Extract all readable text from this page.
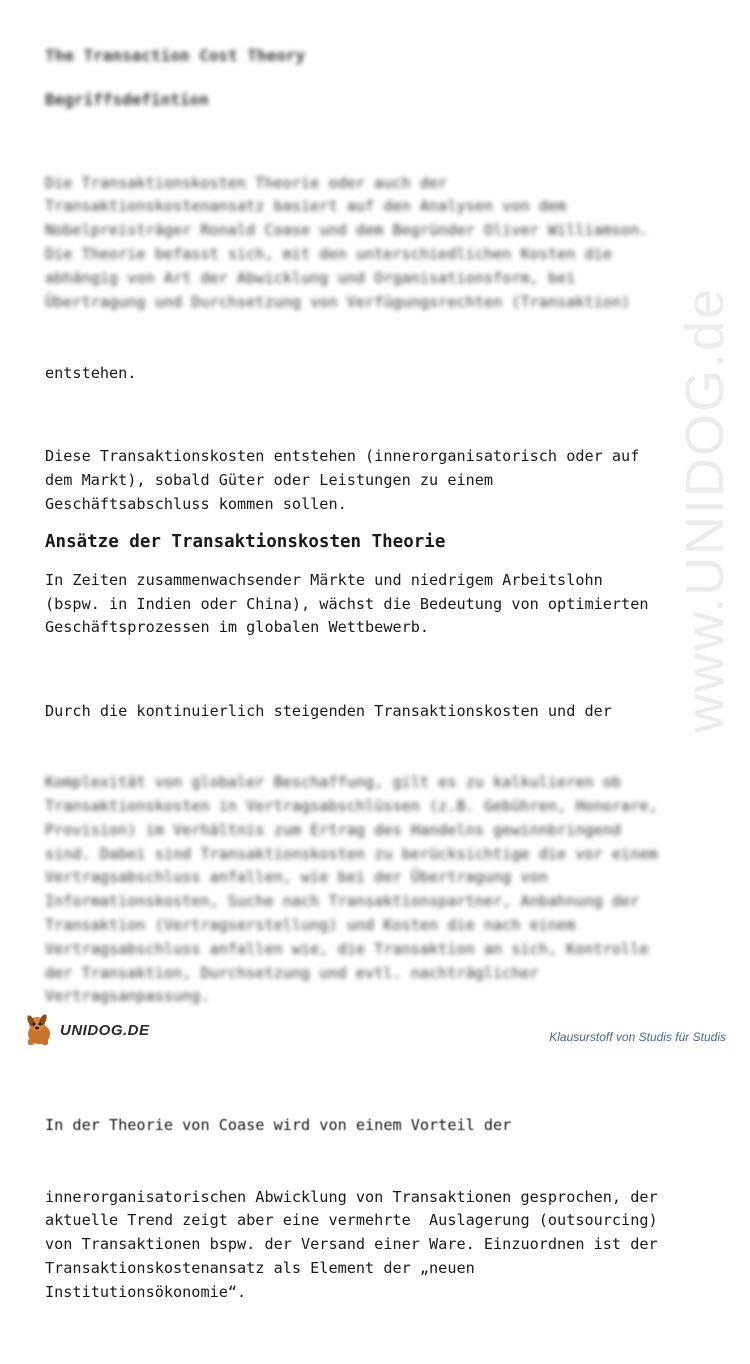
www.UNIDOG.de
The Transaction Cost Theory
Begriffsdefintion

Die Transaktionskosten Theorie oder auch der
Transaktionskostenansatz basiert auf den Analysen von dem
Nobelpreisträger Ronald Coase und dem Begründer Oliver Williamson.
Die Theorie befasst sich, mit den unterschiedlichen Kosten die
abhängig von Art der Abwicklung und Organisationsform, bei
Übertragung und Durchsetzung von Verfügungsrechten (Transaktion)

entstehen.

Diese Transaktionskosten entstehen (innerorganisatorisch oder auf
dem Markt), sobald Güter oder Leistungen zu einem
Geschäftsabschluss kommen sollen.
Ansätze der Transaktionskosten Theorie
In Zeiten zusammenwachsender Märkte und niedrigem Arbeitslohn
(bspw. in Indien oder China), wächst die Bedeutung von optimierten
Geschäftsprozessen im globalen Wettbewerb.

Durch die kontinuierlich steigenden Transaktionskosten und der

Komplexität von globaler Beschaffung, gilt es zu kalkulieren ob
Transaktionskosten in Vertragsabschlüssen (z.B. Gebühren, Honorare,
Provision) im Verhältnis zum Ertrag des Handelns gewinnbringend
sind. Dabei sind Transaktionskosten zu berücksichtige die vor einem
Vertragsabschluss anfallen, wie bei der Übertragung von
Informationskosten, Suche nach Transaktionspartner, Anbahnung der
Transaktion (Vertragserstellung) und Kosten die nach einem
Vertragsabschluss anfallen wie, die Transaktion an sich, Kontrolle
der Transaktion, Durchsetzung und evtl. nachträglicher
Vertragsanpassung.

In der Theorie von Coase wird von einem Vorteil der

innerorganisatorischen Abwicklung von Transaktionen gesprochen, der
aktuelle Trend zeigt aber eine vermehrte  Auslagerung (outsourcing)
von Transaktionen bspw. der Versand einer Ware. Einzuordnen ist der
Transaktionskostenansatz als Element der „neuen
Institutionsökonomie“.

UNIDOG.DE	Klausurstoff von Studis für Studis
